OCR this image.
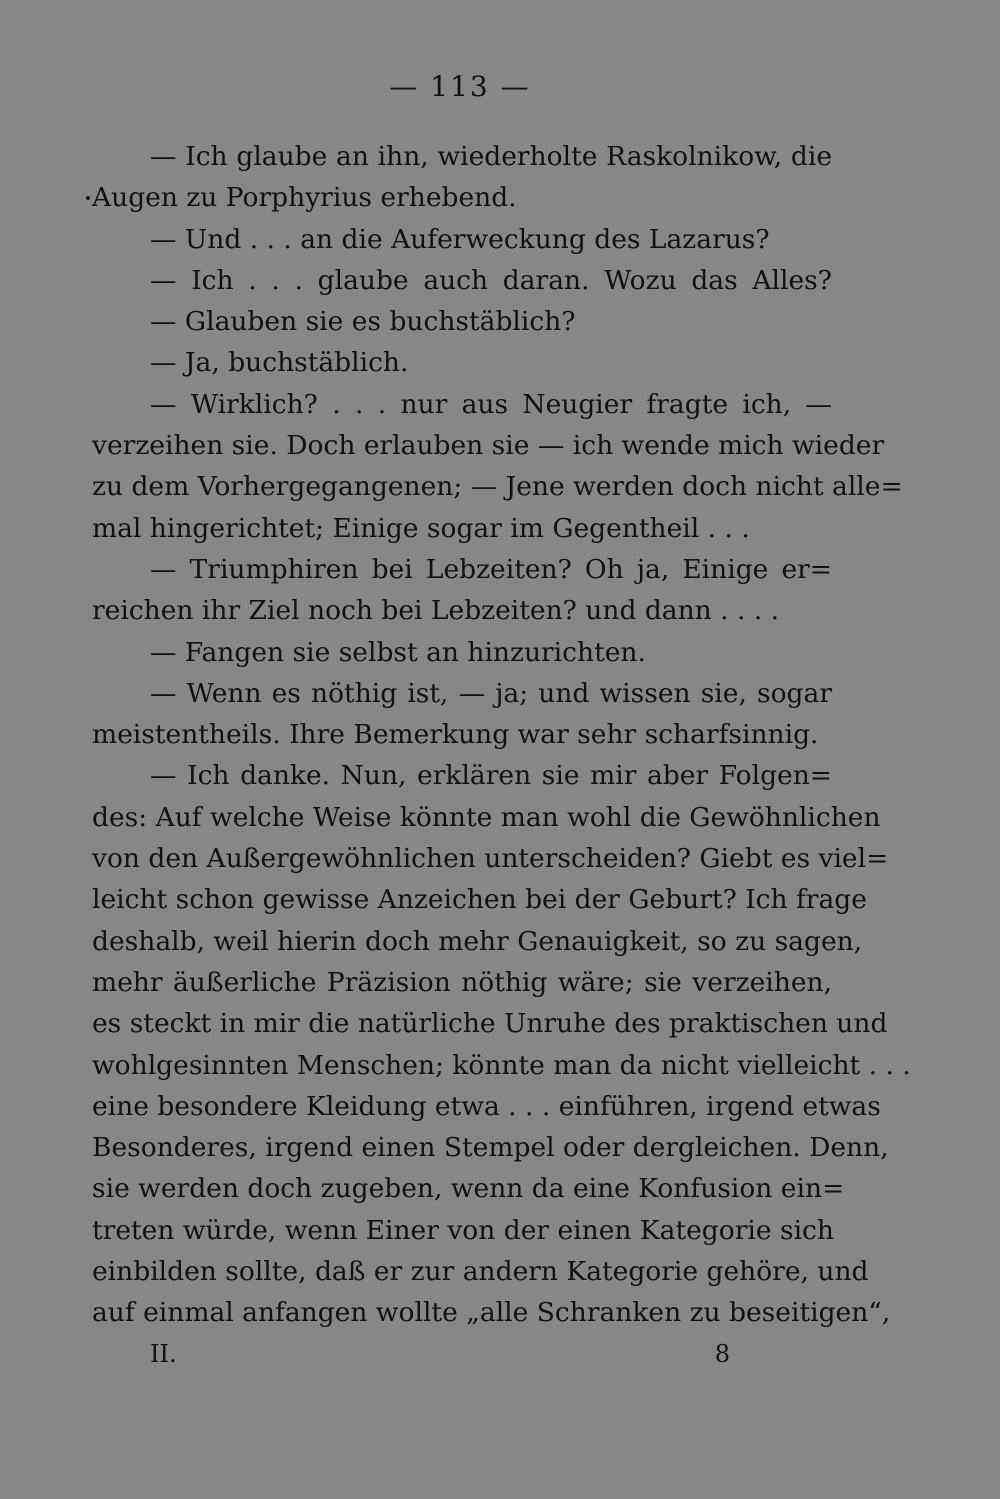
— 113 —
— Ich glaube an ihn, wiederholte Raskolnikow, die
Augen zu Porphyrius erhebend.
— Und . . . an die Auferweckung des Lazarus?
— Ich . . . glaube auch daran. Wozu das Alles?
— Glauben sie es buchstäblich?
— Ja, buchstäblich.
— Wirklich? . . . nur aus Neugier fragte ich, —
verzeihen sie. Doch erlauben sie — ich wende mich wieder
zu dem Vorhergegangenen; — Jene werden doch nicht alle=
mal hingerichtet; Einige sogar im Gegentheil . . .
— Triumphiren bei Lebzeiten? Oh ja, Einige er=
reichen ihr Ziel noch bei Lebzeiten? und dann . . . .
— Fangen sie selbst an hinzurichten.
— Wenn es nöthig ist, — ja; und wissen sie, sogar
meistentheils. Ihre Bemerkung war sehr scharfsinnig.
— Ich danke. Nun, erklären sie mir aber Folgen=
des: Auf welche Weise könnte man wohl die Gewöhnlichen
von den Außergewöhnlichen unterscheiden? Giebt es viel=
leicht schon gewisse Anzeichen bei der Geburt? Ich frage
deshalb, weil hierin doch mehr Genauigkeit, so zu sagen,
mehr äußerliche Präzision nöthig wäre; sie verzeihen,
es steckt in mir die natürliche Unruhe des praktischen und
wohlgesinnten Menschen; könnte man da nicht vielleicht . . .
eine besondere Kleidung etwa . . . einführen, irgend etwas
Besonderes, irgend einen Stempel oder dergleichen. Denn,
sie werden doch zugeben, wenn da eine Konfusion ein=
treten würde, wenn Einer von der einen Kategorie sich
einbilden sollte, daß er zur andern Kategorie gehöre, und
auf einmal anfangen wollte „alle Schranken zu beseitigen“,
II.	8
